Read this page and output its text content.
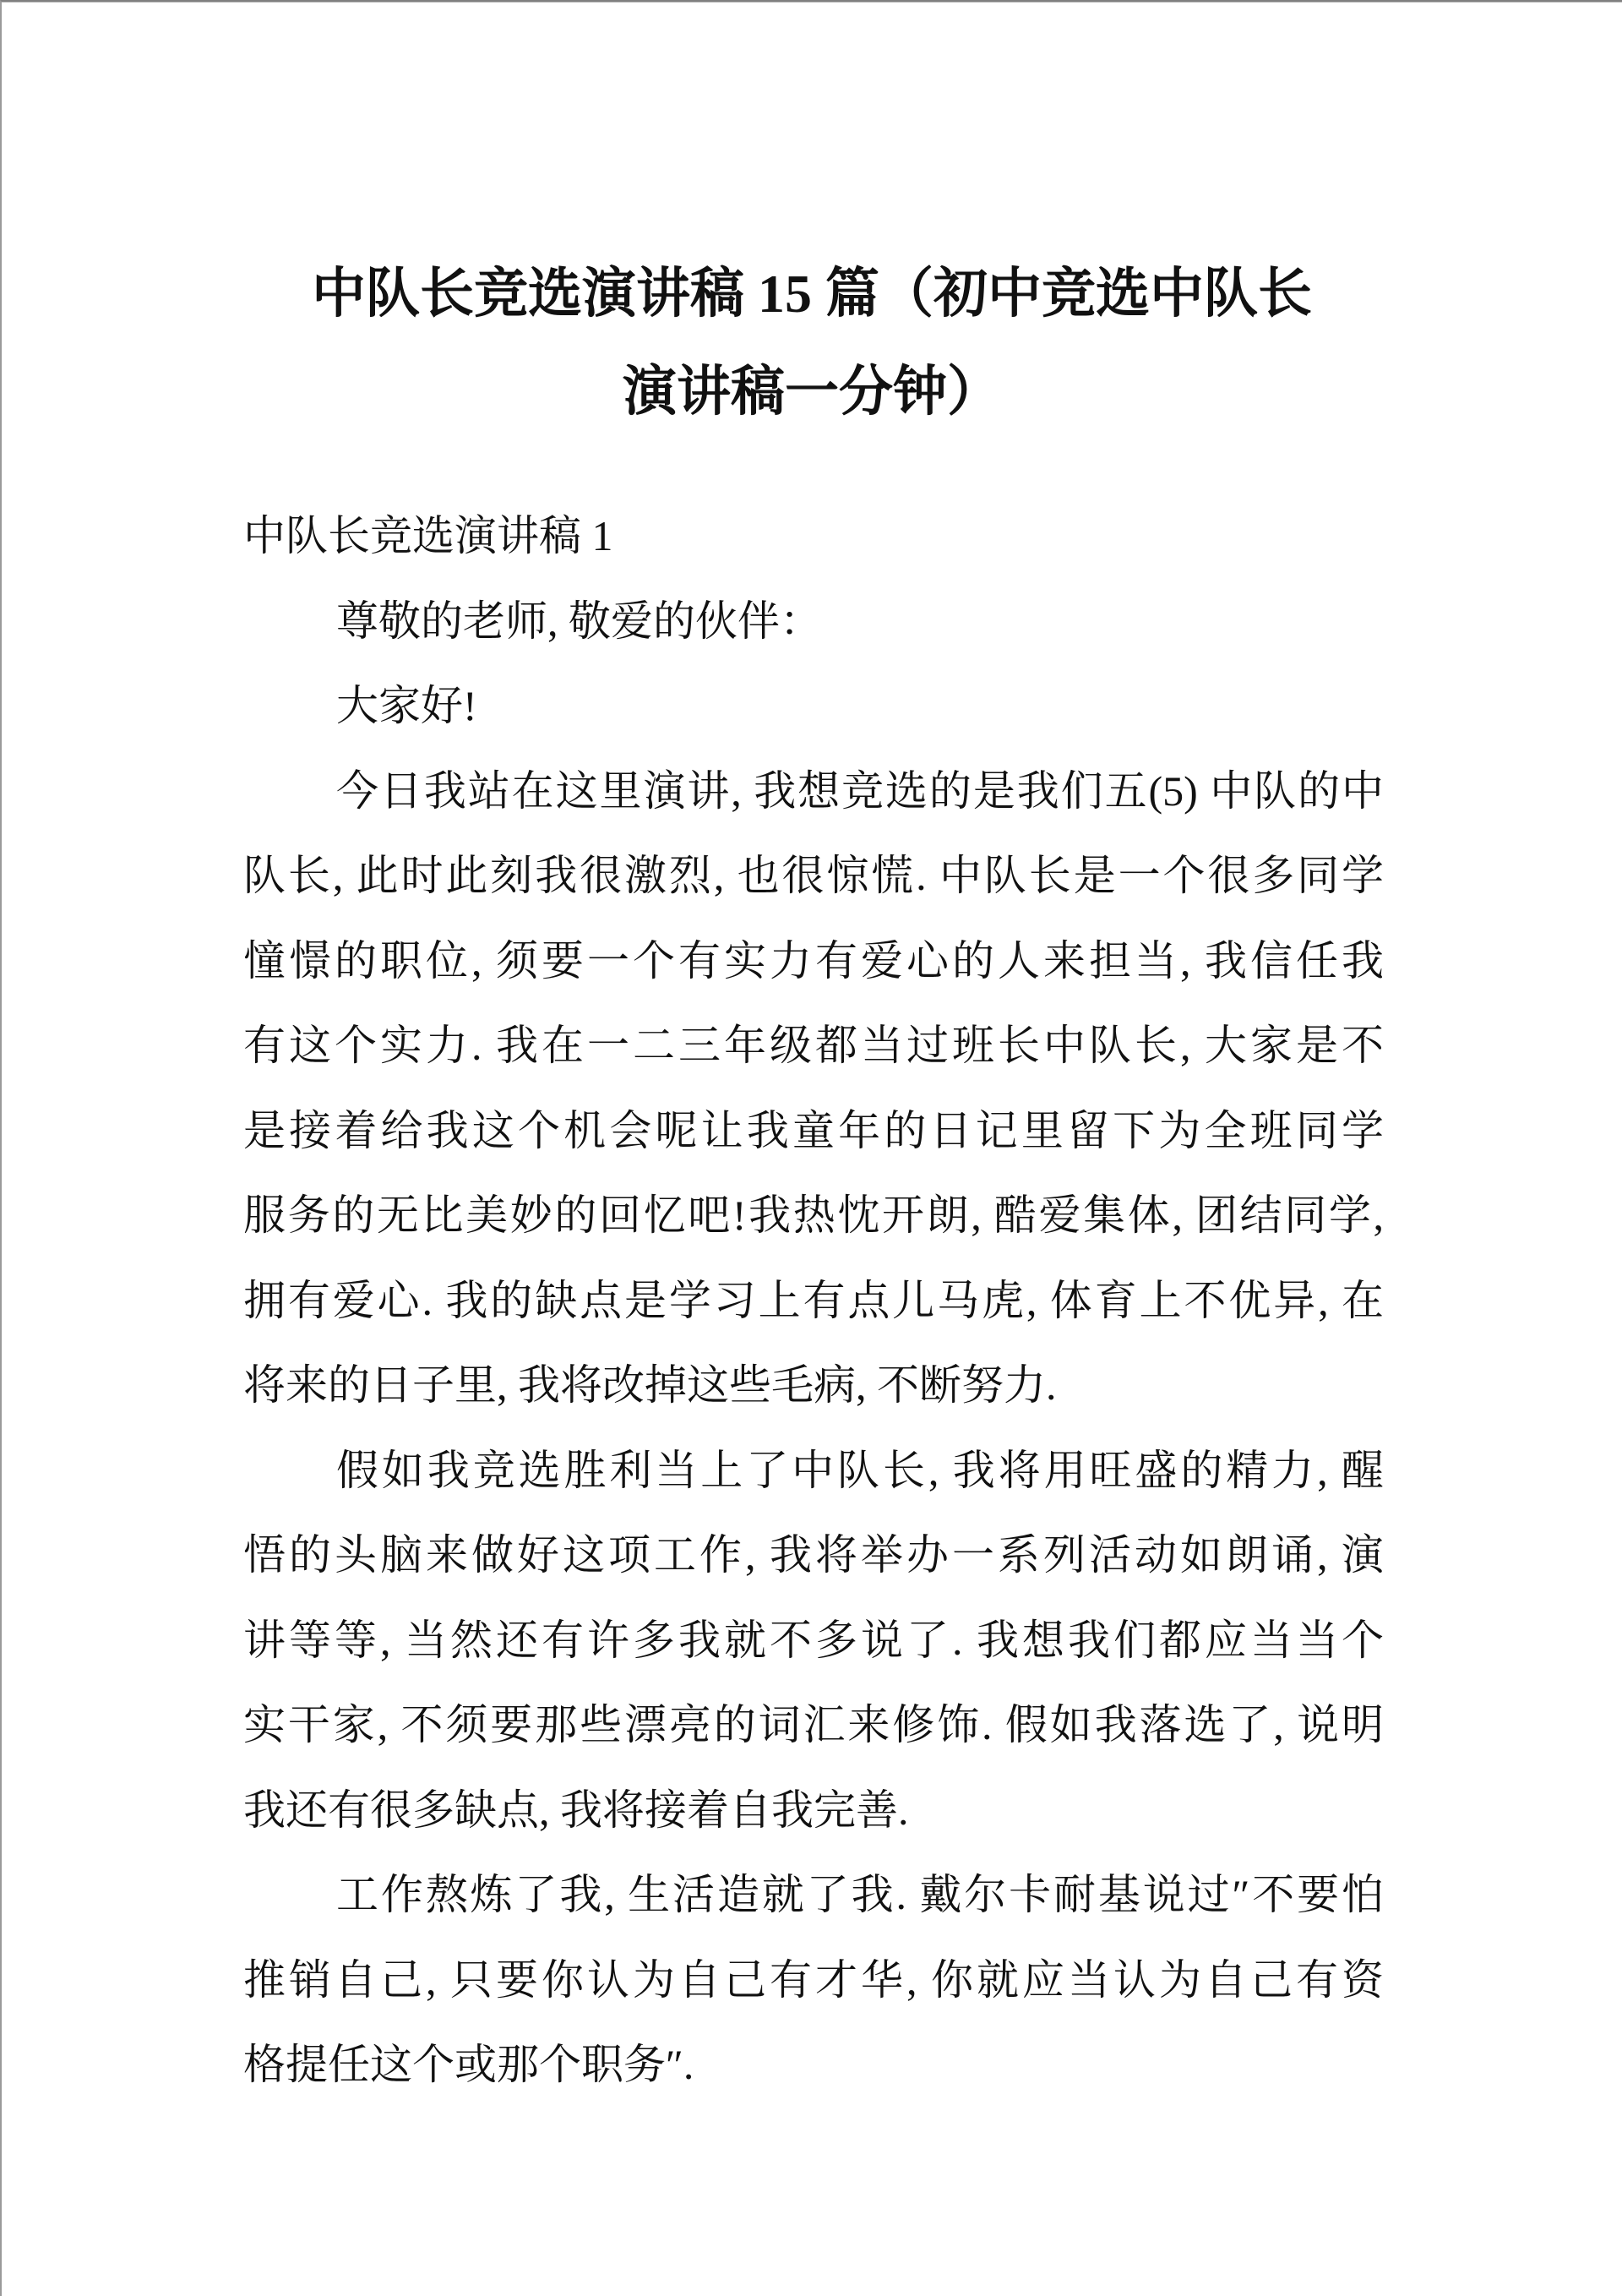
中队长竞选演讲稿 15 篇（初中竞选中队长
演讲稿一分钟）
中队长竞选演讲稿 1
尊敬的老师, 敬爱的伙伴：
大家好!
今日我站在这里演讲, 我想竞选的是我们五(5) 中队的中
队长, 此时此刻我很激烈, 也很惊慌. 中队长是一个很多同学
憧憬的职位, 须要一个有实力有爱心的人来担当, 我信任我
有这个实力. 我在一二三年级都当过班长中队长, 大家是不
是接着给我这个机会呢让我童年的日记里留下为全班同学
服务的无比美妙的回忆吧!我热忱开朗, 酷爱集体, 团结同学,
拥有爱心. 我的缺点是学习上有点儿马虎, 体育上不优异, 在
将来的日子里, 我将改掉这些毛病, 不断努力.
假如我竞选胜利当上了中队长, 我将用旺盛的精力, 醒
悟的头脑来做好这项工作, 我将举办一系列活动如朗诵, 演
讲等等, 当然还有许多我就不多说了. 我想我们都应当当个
实干家, 不须要那些漂亮的词汇来修饰. 假如我落选了, 说明
我还有很多缺点, 我将接着自我完善.
工作熬炼了我, 生活造就了我. 戴尔卡耐基说过″不要怕
推销自己, 只要你认为自己有才华, 你就应当认为自己有资
格提任这个或那个职务″.
